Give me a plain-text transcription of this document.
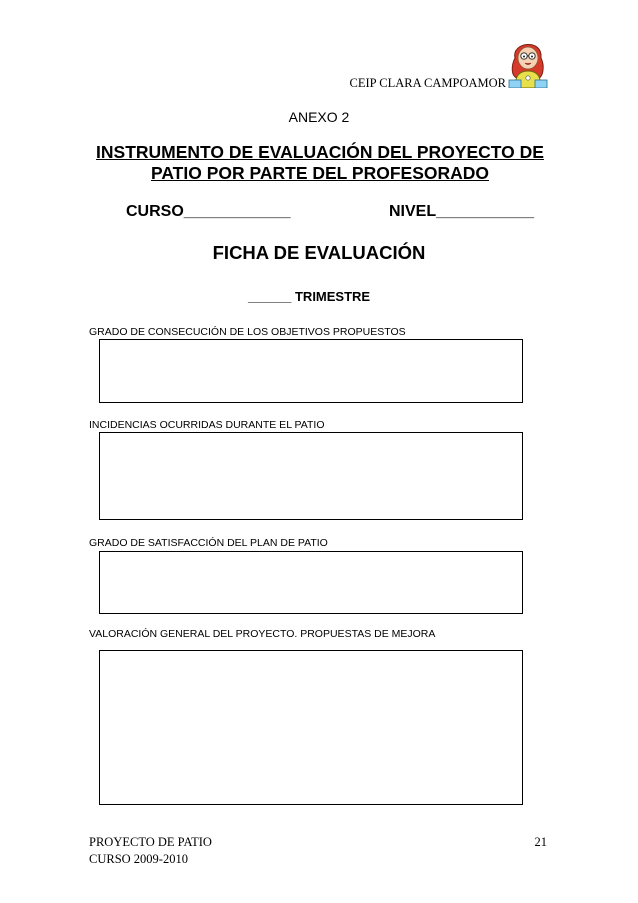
CEIP CLARA CAMPOAMOR
ANEXO 2
INSTRUMENTO DE EVALUACIÓN DEL PROYECTO DE
PATIO POR PARTE DEL PROFESORADO
CURSO____________	NIVEL___________
FICHA DE EVALUACIÓN
______ TRIMESTRE
GRADO DE CONSECUCIÓN DE LOS OBJETIVOS PROPUESTOS
INCIDENCIAS OCURRIDAS DURANTE EL PATIO
GRADO DE SATISFACCIÓN DEL PLAN DE PATIO
VALORACIÓN GENERAL DEL PROYECTO. PROPUESTAS DE MEJORA
PROYECTO DE PATIO
CURSO 2009-2010
21
